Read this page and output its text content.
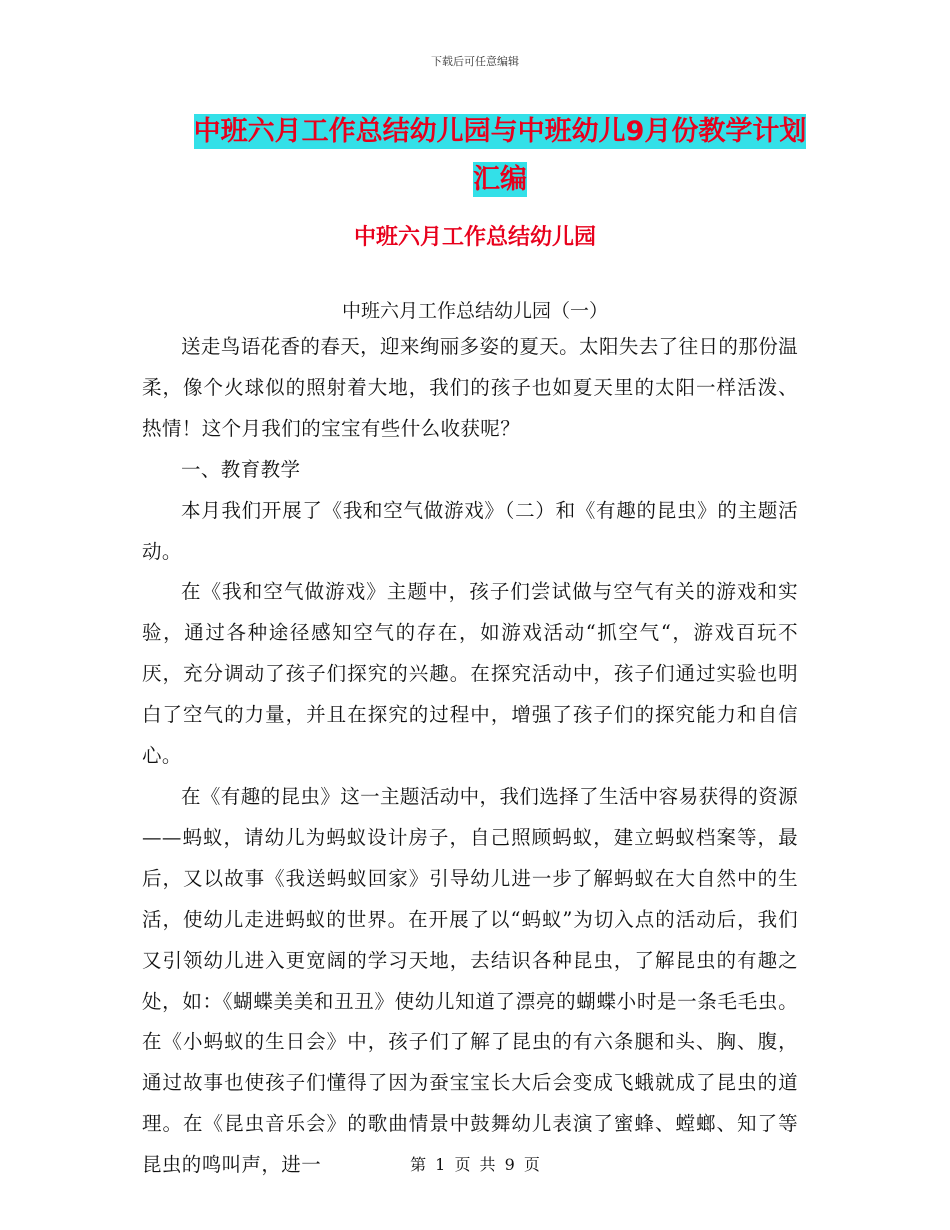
下载后可任意编辑
中班六月工作总结幼儿园与中班幼儿9月份教学计划
汇编
中班六月工作总结幼儿园
中班六月工作总结幼儿园（一）

送走鸟语花香的春天，迎来绚丽多姿的夏天。太阳失去了往日的那份温柔，像个火球似的照射着大地，我们的孩子也如夏天里的太阳一样活泼、热情！这个月我们的宝宝有些什么收获呢？

一、教育教学

本月我们开展了《我和空气做游戏》（二）和《有趣的昆虫》的主题活动。

在《我和空气做游戏》主题中，孩子们尝试做与空气有关的游戏和实验，通过各种途径感知空气的存在，如游戏活动“抓空气“，游戏百玩不厌，充分调动了孩子们探究的兴趣。在探究活动中，孩子们通过实验也明白了空气的力量，并且在探究的过程中，增强了孩子们的探究能力和自信心。

在《有趣的昆虫》这一主题活动中，我们选择了生活中容易获得的资源——蚂蚁，请幼儿为蚂蚁设计房子，自己照顾蚂蚁，建立蚂蚁档案等，最后，又以故事《我送蚂蚁回家》引导幼儿进一步了解蚂蚁在大自然中的生活，使幼儿走进蚂蚁的世界。在开展了以“蚂蚁”为切入点的活动后，我们又引领幼儿进入更宽阔的学习天地，去结识各种昆虫，了解昆虫的有趣之处，如：《蝴蝶美美和丑丑》使幼儿知道了漂亮的蝴蝶小时是一条毛毛虫。在《小蚂蚁的生日会》中，孩子们了解了昆虫的有六条腿和头、胸、腹，通过故事也使孩子们懂得了因为蚕宝宝长大后会变成飞蛾就成了昆虫的道理。在《昆虫音乐会》的歌曲情景中鼓舞幼儿表演了蜜蜂、螳螂、知了等昆虫的鸣叫声，进一	第 1 页 共 9 页
